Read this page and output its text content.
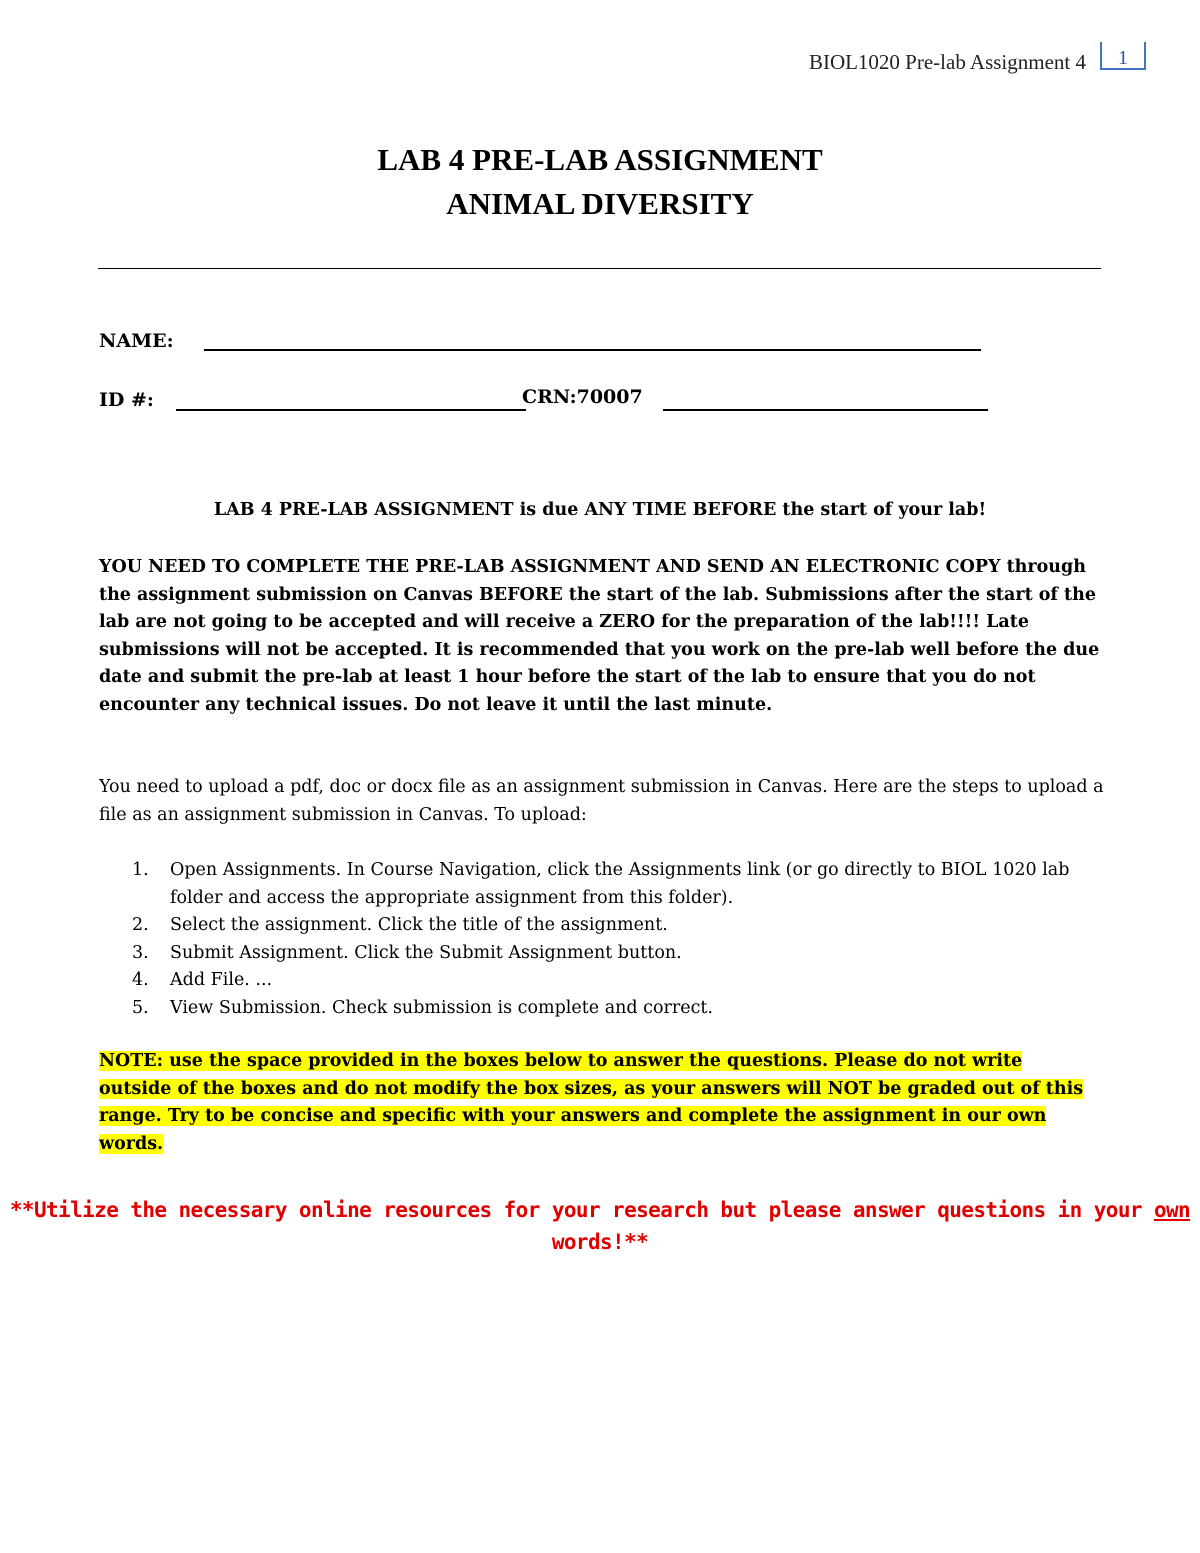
BIOL1020 Pre-lab Assignment 4	1
LAB 4 PRE-LAB ASSIGNMENT
ANIMAL DIVERSITY
NAME:
ID #:	CRN:70007
LAB 4 PRE-LAB ASSIGNMENT is due ANY TIME BEFORE the start of your lab!
YOU NEED TO COMPLETE THE PRE-LAB ASSIGNMENT AND SEND AN ELECTRONIC COPY through the assignment submission on Canvas BEFORE the start of the lab. Submissions after the start of the lab are not going to be accepted and will receive a ZERO for the preparation of the lab!!!! Late submissions will not be accepted. It is recommended that you work on the pre-lab well before the due date and submit the pre-lab at least 1 hour before the start of the lab to ensure that you do not encounter any technical issues. Do not leave it until the last minute.
You need to upload a pdf, doc or docx file as an assignment submission in Canvas. Here are the steps to upload a file as an assignment submission in Canvas. To upload:
1. Open Assignments. In Course Navigation, click the Assignments link (or go directly to BIOL 1020 lab folder and access the appropriate assignment from this folder).
2. Select the assignment. Click the title of the assignment.
3. Submit Assignment. Click the Submit Assignment button.
4. Add File. ...
5. View Submission. Check submission is complete and correct.
NOTE: use the space provided in the boxes below to answer the questions. Please do not write outside of the boxes and do not modify the box sizes, as your answers will NOT be graded out of this range. Try to be concise and specific with your answers and complete the assignment in our own words.
**Utilize the necessary online resources for your research but please answer questions in your own words!**
